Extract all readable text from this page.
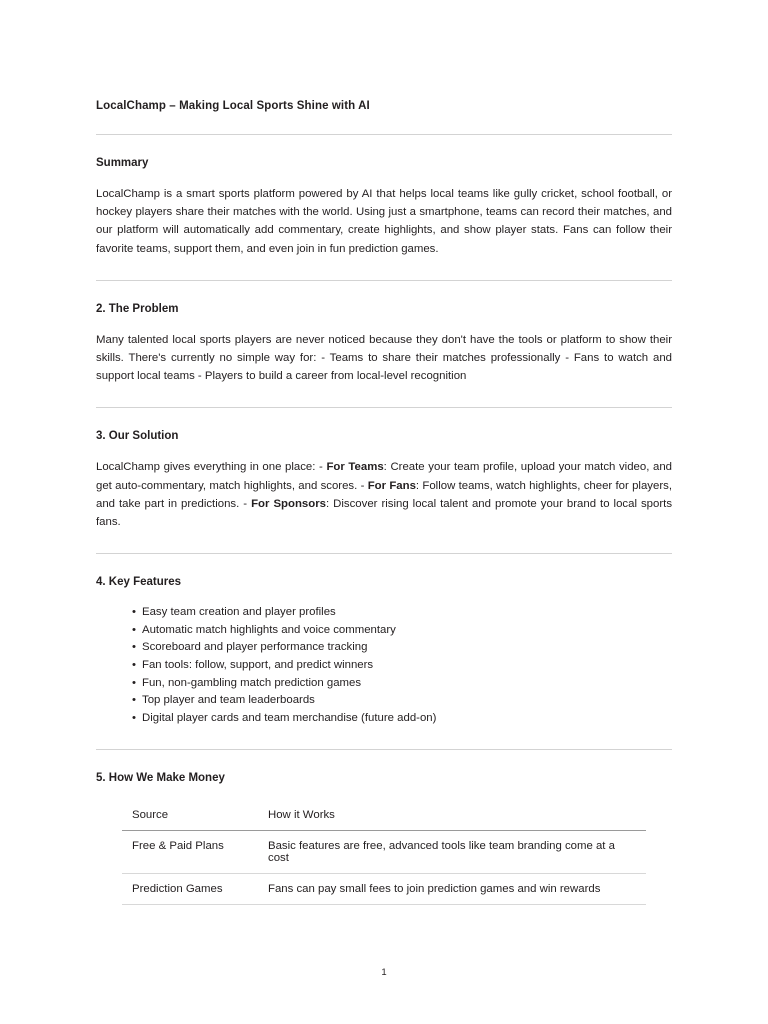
LocalChamp – Making Local Sports Shine with AI
Summary

LocalChamp is a smart sports platform powered by AI that helps local teams like gully cricket, school football, or hockey players share their matches with the world. Using just a smartphone, teams can record their matches, and our platform will automatically add commentary, create highlights, and show player stats. Fans can follow their favorite teams, support them, and even join in fun prediction games.

2. The Problem

Many talented local sports players are never noticed because they don't have the tools or platform to show their skills. There's currently no simple way for: - Teams to share their matches professionally - Fans to watch and support local teams - Players to build a career from local-level recognition

3. Our Solution

LocalChamp gives everything in one place: - For Teams: Create your team profile, upload your match video, and get auto-commentary, match highlights, and scores. - For Fans: Follow teams, watch highlights, cheer for players, and take part in predictions. - For Sponsors: Discover rising local talent and promote your brand to local sports fans.

4. Key Features
• Easy team creation and player profiles
• Automatic match highlights and voice commentary
• Scoreboard and player performance tracking
• Fan tools: follow, support, and predict winners
• Fun, non-gambling match prediction games
• Top player and team leaderboards
• Digital player cards and team merchandise (future add-on)
5. How We Make Money
Source	How it Works
Free & Paid Plans	Basic features are free, advanced tools like team branding come at a cost
Prediction Games	Fans can pay small fees to join prediction games and win rewards
1
